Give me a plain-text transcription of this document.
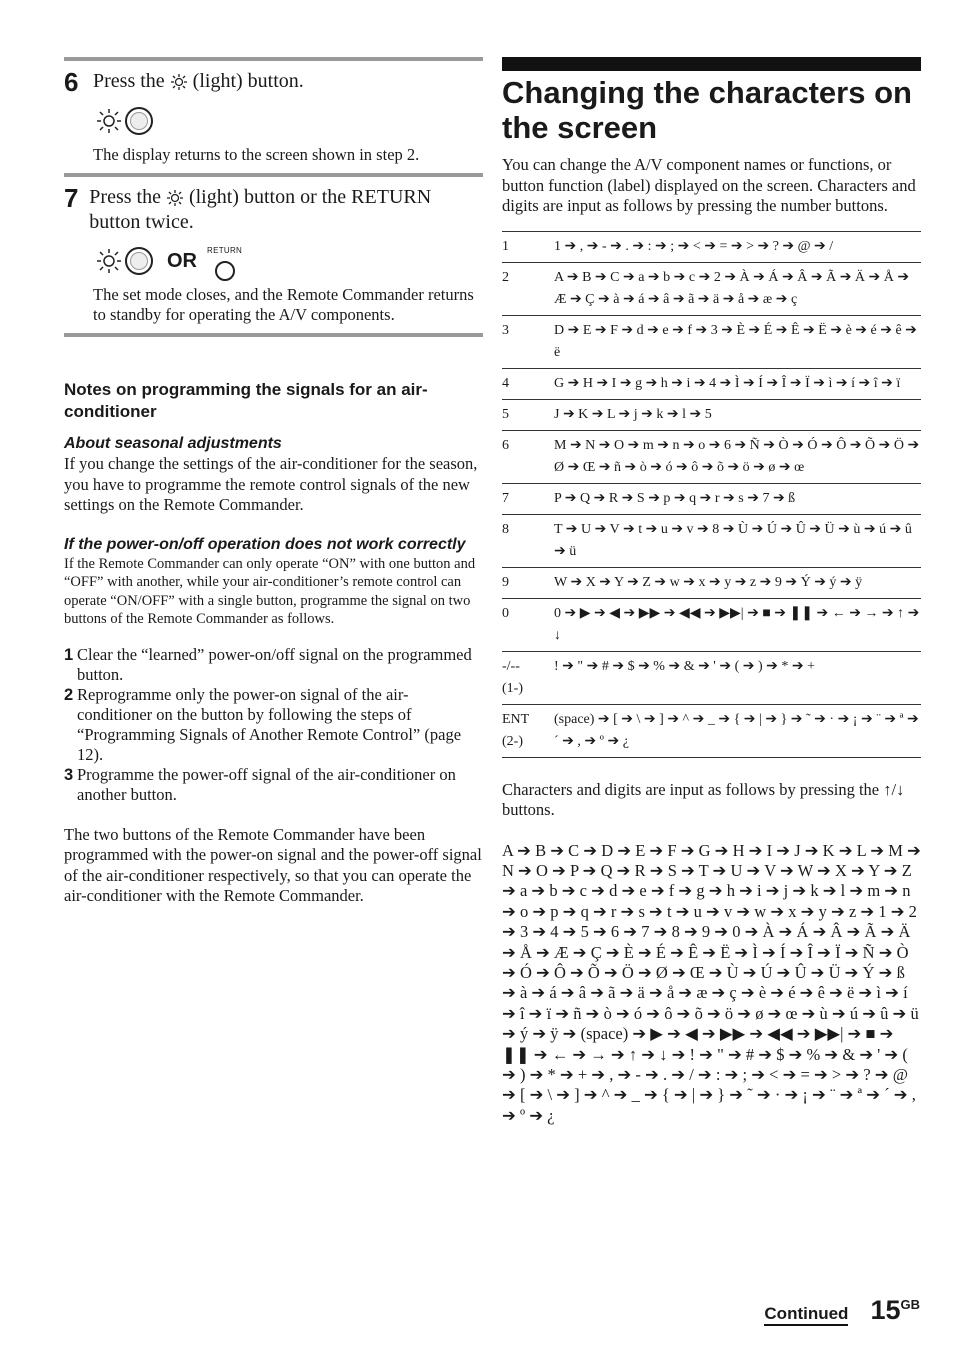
6 Press the (light) button.
The display returns to the screen shown in step 2.
7 Press the (light) button or the RETURN button twice.
OR RETURN
The set mode closes, and the Remote Commander returns to standby for operating the A/V components.
Notes on programming the signals for an air-conditioner

About seasonal adjustments

If you change the settings of the air-conditioner for the season, you have to programme the remote control signals of the new settings on the Remote Commander.

If the power-on/off operation does not work correctly

If the Remote Commander can only operate “ON” with one button and “OFF” with another, while your air-conditioner’s remote control can operate “ON/OFF” with a single button, programme the signal on two buttons of the Remote Commander as follows.

1 Clear the “learned” power-on/off signal on the programmed button.
2 Reprogramme only the power-on signal of the air-conditioner on the button by following the steps of “Programming Signals of Another Remote Control” (page 12).
3 Programme the power-off signal of the air-conditioner on another button.

The two buttons of the Remote Commander have been programmed with the power-on signal and the power-off signal of the air-conditioner respectively, so that you can operate the air-conditioner with the Remote Commander.

Changing the characters on the screen

You can change the A/V component names or functions, or button function (label) displayed on the screen. Characters and digits are input as follows by pressing the number buttons.

1	1 ➔ , ➔ - ➔ . ➔ : ➔ ; ➔ < ➔ = ➔ > ➔ ? ➔ @ ➔ /
2	A ➔ B ➔ C ➔ a ➔ b ➔ c ➔ 2 ➔ À ➔ Á ➔ Â ➔ Ã ➔ Ä ➔ Å ➔ Æ ➔ Ç ➔ à ➔ á ➔ â ➔ ã ➔ ä ➔ å ➔ æ ➔ ç
3	D ➔ E ➔ F ➔ d ➔ e ➔ f ➔ 3 ➔ È ➔ É ➔ Ê ➔ Ë ➔ è ➔ é ➔ ê ➔ ë
4	G ➔ H ➔ I ➔ g ➔ h ➔ i ➔ 4 ➔ Ì ➔ Í ➔ Î ➔ Ï ➔ ì ➔ í ➔ î ➔ ï
5	J ➔ K ➔ L ➔ j ➔ k ➔ l ➔ 5
6	M ➔ N ➔ O ➔ m ➔ n ➔ o ➔ 6 ➔ Ñ ➔ Ò ➔ Ó ➔ Ô ➔ Õ ➔ Ö ➔ Ø ➔ Œ ➔ ñ ➔ ò ➔ ó ➔ ô ➔ õ ➔ ö ➔ ø ➔ œ
7	P ➔ Q ➔ R ➔ S ➔ p ➔ q ➔ r ➔ s ➔ 7 ➔ ß
8	T ➔ U ➔ V ➔ t ➔ u ➔ v ➔ 8 ➔ Ù ➔ Ú ➔ Û ➔ Ü ➔ ù ➔ ú ➔ û ➔ ü
9	W ➔ X ➔ Y ➔ Z ➔ w ➔ x ➔ y ➔ z ➔ 9 ➔ Ý ➔ ý ➔ ÿ
0	0 ➔ ▶ ➔ ◀ ➔ ▶▶ ➔ ◀◀ ➔ ▶▶| ➔ ■ ➔ ❚❚ ➔ ← ➔ → ➔ ↑ ➔ ↓
-/--
(1-)	! ➔ " ➔ # ➔ $ ➔ % ➔ & ➔ ' ➔ ( ➔ ) ➔ * ➔ +
ENT
(2-)	(space) ➔ [ ➔ \ ➔ ] ➔ ^ ➔ _ ➔ { ➔ | ➔ } ➔ ˜ ➔ · ➔ ¡ ➔ ¨ ➔ ª ➔ ´ ➔ , ➔ º ➔ ¿

Characters and digits are input as follows by pressing the ↑/↓ buttons.

A ➔ B ➔ C ➔ D ➔ E ➔ F ➔ G ➔ H ➔ I ➔ J ➔ K ➔ L ➔ M ➔ N ➔ O ➔ P ➔ Q ➔ R ➔ S ➔ T ➔ U ➔ V ➔ W ➔ X ➔ Y ➔ Z ➔ a ➔ b ➔ c ➔ d ➔ e ➔ f ➔ g ➔ h ➔ i ➔ j ➔ k ➔ l ➔ m ➔ n ➔ o ➔ p ➔ q ➔ r ➔ s ➔ t ➔ u ➔ v ➔ w ➔ x ➔ y ➔ z ➔ 1 ➔ 2 ➔ 3 ➔ 4 ➔ 5 ➔ 6 ➔ 7 ➔ 8 ➔ 9 ➔ 0 ➔ À ➔ Á ➔ Â ➔ Ã ➔ Ä ➔ Å ➔ Æ ➔ Ç ➔ È ➔ É ➔ Ê ➔ Ë ➔ Ì ➔ Í ➔ Î ➔ Ï ➔ Ñ ➔ Ò ➔ Ó ➔ Ô ➔ Õ ➔ Ö ➔ Ø ➔ Œ ➔ Ù ➔ Ú ➔ Û ➔ Ü ➔ Ý ➔ ß ➔ à ➔ á ➔ â ➔ ã ➔ ä ➔ å ➔ æ ➔ ç ➔ è ➔ é ➔ ê ➔ ë ➔ ì ➔ í ➔ î ➔ ï ➔ ñ ➔ ò ➔ ó ➔ ô ➔ õ ➔ ö ➔ ø ➔ œ ➔ ù ➔ ú ➔ û ➔ ü ➔ ý ➔ ÿ ➔ (space) ➔ ▶ ➔ ◀ ➔ ▶▶ ➔ ◀◀ ➔ ▶▶| ➔ ■ ➔ ❚❚ ➔ ← ➔ → ➔ ↑ ➔ ↓ ➔ ! ➔ " ➔ # ➔ $ ➔ % ➔ & ➔ ' ➔ ( ➔ ) ➔ * ➔ + ➔ , ➔ - ➔ . ➔ / ➔ : ➔ ; ➔ < ➔ = ➔ > ➔ ? ➔ @ ➔ [ ➔ \ ➔ ] ➔ ^ ➔ _ ➔ { ➔ | ➔ } ➔ ˜ ➔ · ➔ ¡ ➔ ¨ ➔ ª ➔ ´ ➔ , ➔ º ➔ ¿

Continued $15^{GB}$
